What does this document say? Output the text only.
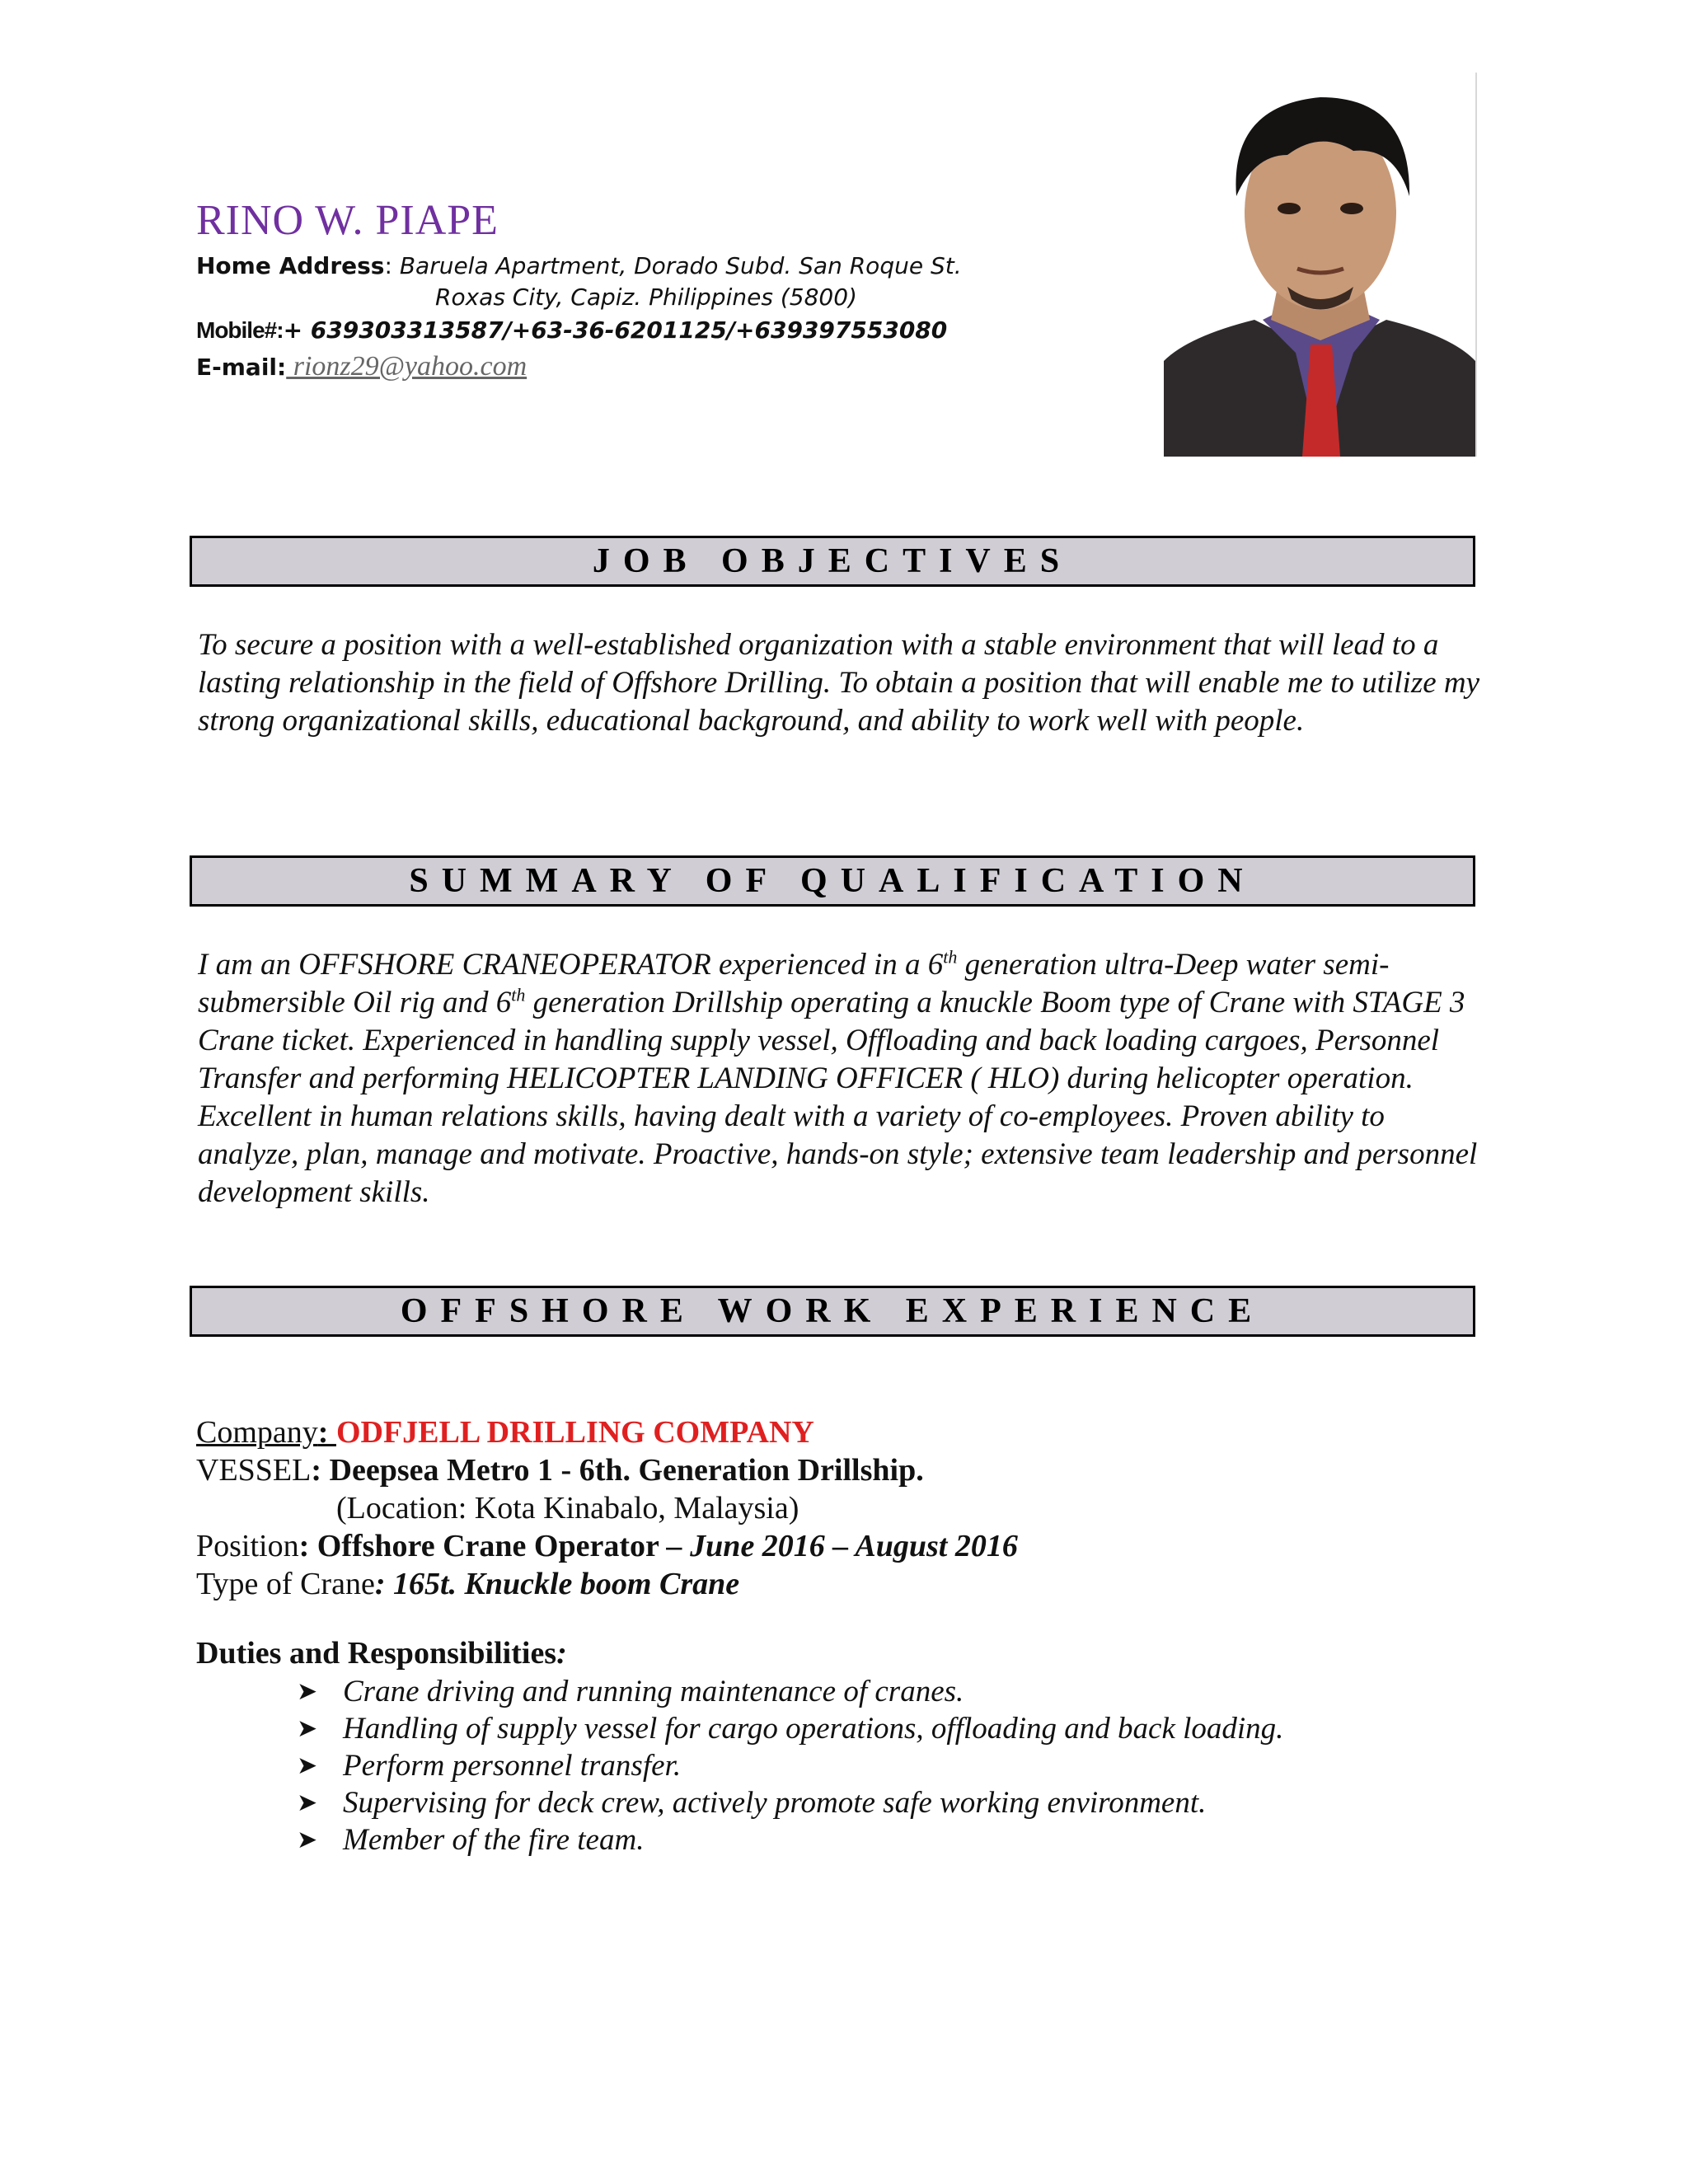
RINO W. PIAPE
Home Address: Baruela Apartment, Dorado Subd. San Roque St.
Roxas City, Capiz. Philippines (5800)
Mobile#:+ 639303313587/+63-36-6201125/+639397553080
E-mail: rionz29@yahoo.com
JOB OBJECTIVES
To secure a position with a well-established organization with a stable environment that will lead to a lasting relationship in the field of Offshore Drilling. To obtain a position that will enable me to utilize my strong organizational skills, educational background, and ability to work well with people.
SUMMARY OF QUALIFICATION
I am an OFFSHORE CRANEOPERATOR experienced in a 6th generation ultra-Deep water semi-submersible Oil rig and 6th generation Drillship operating a knuckle Boom type of Crane with STAGE 3 Crane ticket. Experienced in handling supply vessel, Offloading and back loading cargoes, Personnel Transfer and performing HELICOPTER LANDING OFFICER ( HLO) during helicopter operation. Excellent in human relations skills, having dealt with a variety of co-employees. Proven ability to analyze, plan, manage and motivate. Proactive, hands-on style; extensive team leadership and personnel development skills.
OFFSHORE WORK EXPERIENCE
Company: ODFJELL DRILLING COMPANY
VESSEL: Deepsea Metro 1 - 6th. Generation Drillship.
(Location: Kota Kinabalo, Malaysia)
Position: Offshore Crane Operator – June 2016 – August 2016
Type of Crane: 165t. Knuckle boom Crane
Duties and Responsibilities:
➤ Crane driving and running maintenance of cranes.
➤ Handling of supply vessel for cargo operations, offloading and back loading.
➤ Perform personnel transfer.
➤ Supervising for deck crew, actively promote safe working environment.
➤ Member of the fire team.
